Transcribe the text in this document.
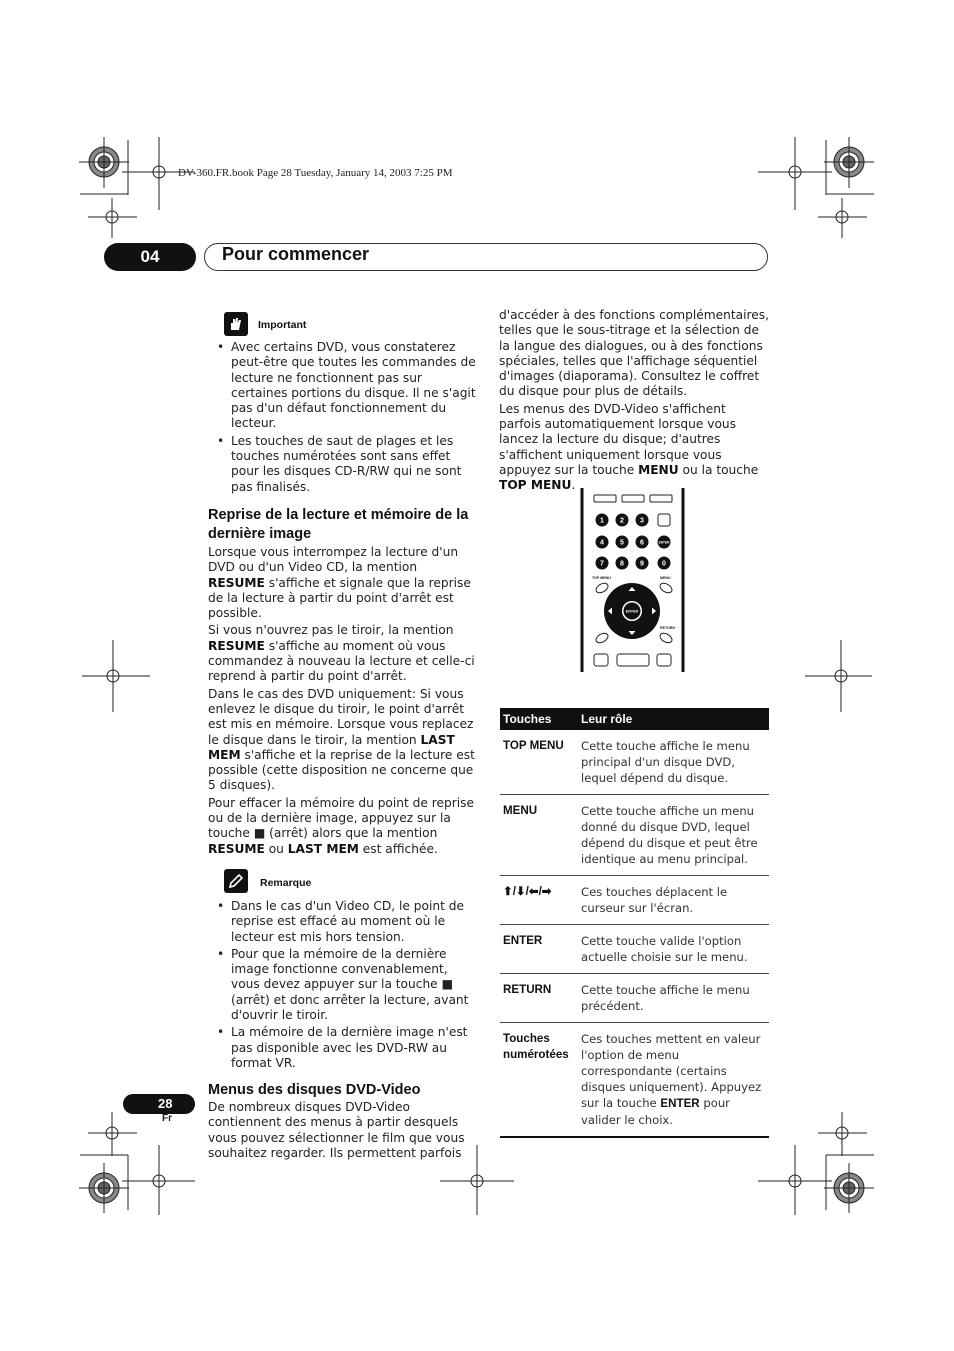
DV-360.FR.book Page 28 Tuesday, January 14, 2003 7:25 PM
04	Pour commencer
Important
• Avec certains DVD, vous constaterez peut-être que toutes les commandes de lecture ne fonctionnent pas sur certaines portions du disque. Il ne s'agit pas d'un défaut fonctionnement du lecteur.
• Les touches de saut de plages et les touches numérotées sont sans effet pour les disques CD-R/RW qui ne sont pas finalisés.
Reprise de la lecture et mémoire de la dernière image

Lorsque vous interrompez la lecture d'un DVD ou d'un Video CD, la mention RESUME s'affiche et signale que la reprise de la lecture à partir du point d'arrêt est possible.

Si vous n'ouvrez pas le tiroir, la mention RESUME s'affiche au moment où vous commandez à nouveau la lecture et celle-ci reprend à partir du point d'arrêt.

Dans le cas des DVD uniquement: Si vous enlevez le disque du tiroir, le point d'arrêt est mis en mémoire. Lorsque vous replacez le disque dans le tiroir, la mention LAST MEM s'affiche et la reprise de la lecture est possible (cette disposition ne concerne que 5 disques).

Pour effacer la mémoire du point de reprise ou de la dernière image, appuyez sur la touche ■ (arrêt) alors que la mention RESUME ou LAST MEM est affichée.

Remarque
• Dans le cas d'un Video CD, le point de reprise est effacé au moment où le lecteur est mis hors tension.
• Pour que la mémoire de la dernière image fonctionne convenablement, vous devez appuyer sur la touche ■ (arrêt) et donc arrêter la lecture, avant d'ouvrir le tiroir.
• La mémoire de la dernière image n'est pas disponible avec les DVD-RW au format VR.
Menus des disques DVD-Video

De nombreux disques DVD-Video contiennent des menus à partir desquels vous pouvez sélectionner le film que vous souhaitez regarder. Ils permettent parfois

d'accéder à des fonctions complémentaires, telles que le sous-titrage et la sélection de la langue des dialogues, ou à des fonctions spéciales, telles que l'affichage séquentiel d'images (diaporama). Consultez le coffret du disque pour plus de détails.

Les menus des DVD-Video s'affichent parfois automatiquement lorsque vous lancez la lecture du disque; d'autres s'affichent uniquement lorsque vous appuyez sur la touche MENU ou la touche TOP MENU.

1 2 3
4 5 6
7 8 9	0
ENTER
TOP MENU	MENU
RETURN
ENTER
Touches	Leur rôle
TOP MENU	Cette touche affiche le menu principal d'un disque DVD, lequel dépend du disque.
MENU	Cette touche affiche un menu donné du disque DVD, lequel dépend du disque et peut être identique au menu principal.
⬆/⬇/⬅/➡	Ces touches déplacent le curseur sur l'écran.
ENTER	Cette touche valide l'option actuelle choisie sur le menu.
RETURN	Cette touche affiche le menu précédent.
Touches numérotées	Ces touches mettent en valeur l'option de menu correspondante (certains disques uniquement). Appuyez sur la touche ENTER pour valider le choix.
28
Fr
